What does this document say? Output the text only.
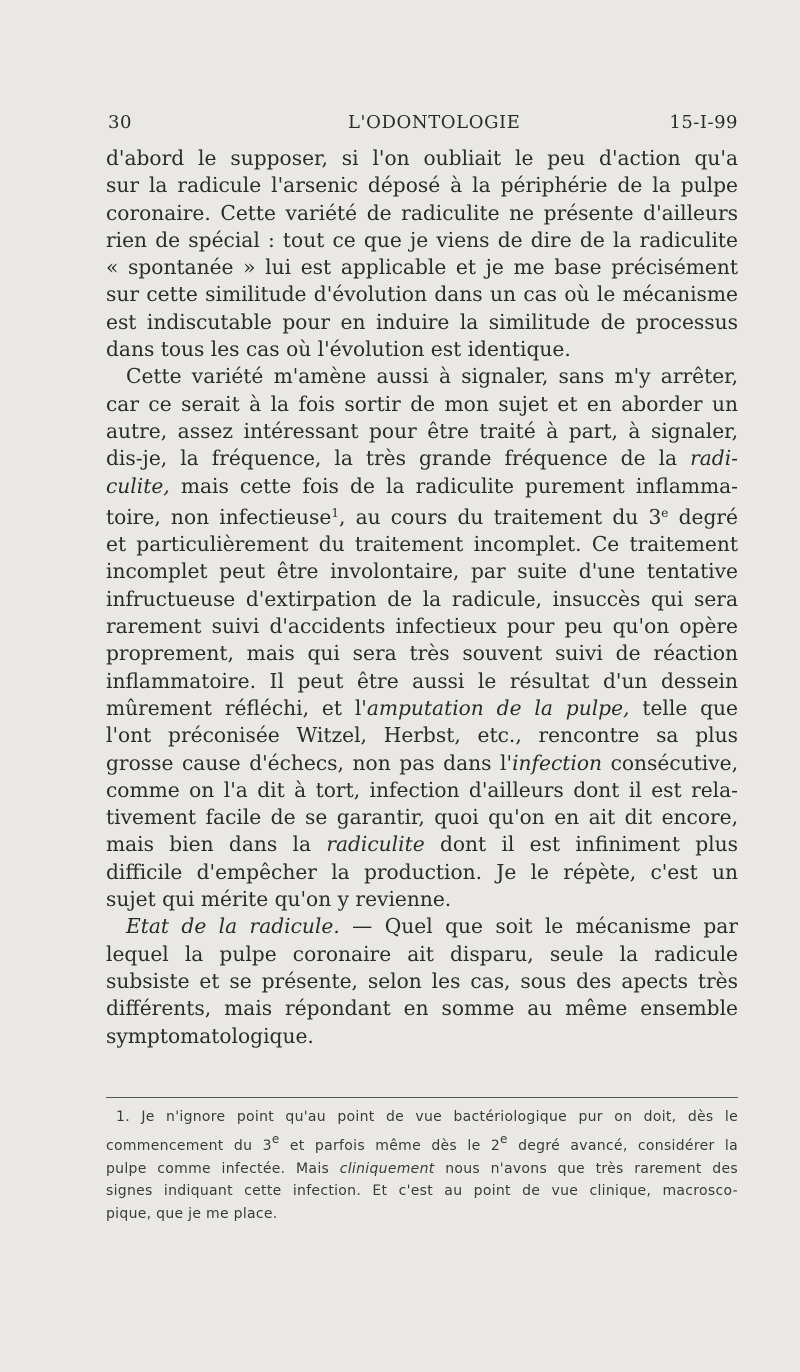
30	L'ODONTOLOGIE	15-I-99
d'abord le supposer, si l'on oubliait le peu d'action qu'a
sur la radicule l'arsenic déposé à la périphérie de la pulpe
coronaire. Cette variété de radiculite ne présente d'ailleurs
rien de spécial : tout ce que je viens de dire de la radiculite
« spontanée » lui est applicable et je me base précisément
sur cette similitude d'évolution dans un cas où le mécanisme
est indiscutable pour en induire la similitude de processus
dans tous les cas où l'évolution est identique.
Cette variété m'amène aussi à signaler, sans m'y arrêter,
car ce serait à la fois sortir de mon sujet et en aborder un
autre, assez intéressant pour être traité à part, à signaler,
dis-je, la fréquence, la très grande fréquence de la radi-
culite, mais cette fois de la radiculite purement inflamma-
toire, non infectieuse$^1$, au cours du traitement du 3e degré
et particulièrement du traitement incomplet. Ce traitement
incomplet peut être involontaire, par suite d'une tentative
infructueuse d'extirpation de la radicule, insuccès qui sera
rarement suivi d'accidents infectieux pour peu qu'on opère
proprement, mais qui sera très souvent suivi de réaction
inflammatoire. Il peut être aussi le résultat d'un dessein
mûrement réfléchi, et l'amputation de la pulpe, telle que
l'ont préconisée Witzel, Herbst, etc., rencontre sa plus
grosse cause d'échecs, non pas dans l'infection consécutive,
comme on l'a dit à tort, infection d'ailleurs dont il est rela-
tivement facile de se garantir, quoi qu'on en ait dit encore,
mais bien dans la radiculite dont il est infiniment plus
difficile d'empêcher la production. Je le répète, c'est un
sujet qui mérite qu'on y revienne.
Etat de la radicule. — Quel que soit le mécanisme par
lequel la pulpe coronaire ait disparu, seule la radicule
subsiste et se présente, selon les cas, sous des apects très
différents, mais répondant en somme au même ensemble
symptomatologique.
1. Je n'ignore point qu'au point de vue bactériologique pur on doit, dès le
commencement du 3e et parfois même dès le 2e degré avancé, considérer la
pulpe comme infectée. Mais cliniquement nous n'avons que très rarement des
signes indiquant cette infection. Et c'est au point de vue clinique, macrosco-
pique, que je me place.
